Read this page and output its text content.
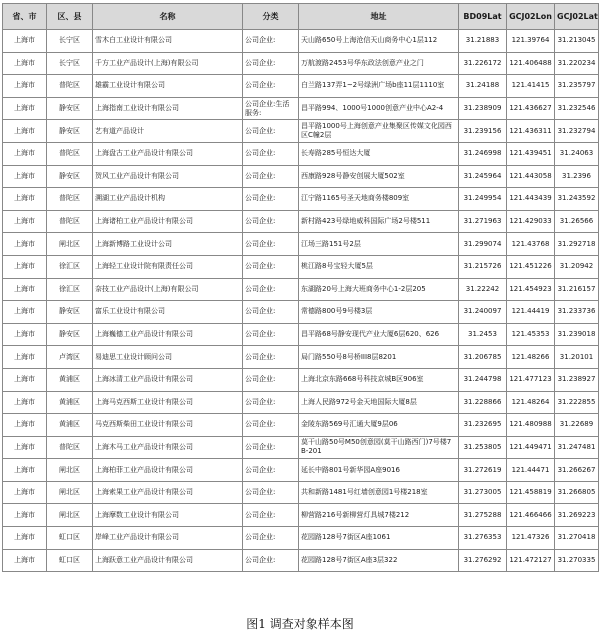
省、市	区、县	名称	分类	地址	BD09Lat	GCJ02Lon	GCJ02Lat
上海市	长宁区	雪木白工业设计有限公司	公司企业:	天山路650号上海沧信天山商务中心1层112	31.21883	121.39764	31.213045
上海市	长宁区	千方工业产品设计(上海)有限公司	公司企业:	万航渡路2453号华东政法创意产业之门	31.226172	121.406488	31.220234
上海市	普陀区	雄霸工业设计有限公司	公司企业:	白兰路137弄1~2号绿洲广场b座11层1110室	31.24188	121.41415	31.235797
上海市	静安区	上海指南工业设计有限公司	公司企业:生活服务:	昌平路994、1000号1000创意产业中心A2-4	31.238909	121.436627	31.232546
上海市	静安区	艺有道产品设计	公司企业:	昌平路1000号上海创意产业集聚区传媒文化园西区C幢2层	31.239156	121.436311	31.232794
上海市	普陀区	上海盘古工业产品设计有限公司	公司企业:	长寿路285号恒达大厦	31.246998	121.439451	31.24063
上海市	静安区	贺风工业产品设计有限公司	公司企业:	西康路928号静安创展大厦502室	31.245964	121.443058	31.2396
上海市	普陀区	溯湖工业产品设计机构	公司企业:	江宁路1165号圣天地商务楼809室	31.249954	121.443439	31.243592
上海市	普陀区	上海诸柏工业产品设计有限公司	公司企业:	新村路423号绿地威科国际广场2号楼511	31.271963	121.429033	31.26566
上海市	闸北区	上海新博路工业设计公司	公司企业:	江场三路151号2层	31.299074	121.43768	31.292718
上海市	徐汇区	上海轻工业设计院有限责任公司	公司企业:	桃江路8号宝轻大厦5层	31.215726	121.451226	31.20942
上海市	徐汇区	奈技工业产品设计(上海)有限公司	公司企业:	东湖路20号上海大班商务中心1-2层205	31.22242	121.454923	31.216157
上海市	静安区	富乐工业设计有限公司	公司企业:	常德路800号9号楼3层	31.240097	121.44419	31.233736
上海市	静安区	上海巍德工业产品设计有限公司	公司企业:	昌平路68号静安现代产业大厦6层620、626	31.2453	121.45353	31.239018
上海市	卢湾区	易迪思工业设计顾问公司	公司企业:	局门路550号8号桥III8层8201	31.206785	121.48266	31.20101
上海市	黄浦区	上海冰清工业产品设计有限公司	公司企业:	上海北京东路668号科技京城B区906室	31.244798	121.477123	31.238927
上海市	黄浦区	上海马克西斯工业设计有限公司	公司企业:	上海人民路972号金天地国际大厦8层	31.228866	121.48264	31.222855
上海市	黄浦区	马克西斯柴田工业设计有限公司	公司企业:	金陵东路569号汇通大厦9层06	31.232695	121.480988	31.22689
上海市	普陀区	上海木马工业产品设计有限公司	公司企业:	莫干山路50号M50创意园(莫干山路西门)7号楼7B-201	31.253805	121.449471	31.247481
上海市	闸北区	上海柏菲工业产品设计有限公司	公司企业:	延长中路801号新华园A座9016	31.272619	121.44471	31.266267
上海市	闸北区	上海索果工业产品设计有限公司	公司企业:	共和新路1481号红墙创意园1号楼218室	31.273005	121.458819	31.266805
上海市	闸北区	上海摩数工业设计有限公司	公司企业:	柳营路216号新柳营灯具城7楼212	31.275288	121.466466	31.269223
上海市	虹口区	岸峰工业产品设计有限公司	公司企业:	花园路128号7街区A座1061	31.276353	121.47326	31.270418
上海市	虹口区	上海跃意工业产品设计有限公司	公司企业:	花园路128号7街区A座3层322	31.276292	121.472127	31.270335
图1 调查对象样本图
